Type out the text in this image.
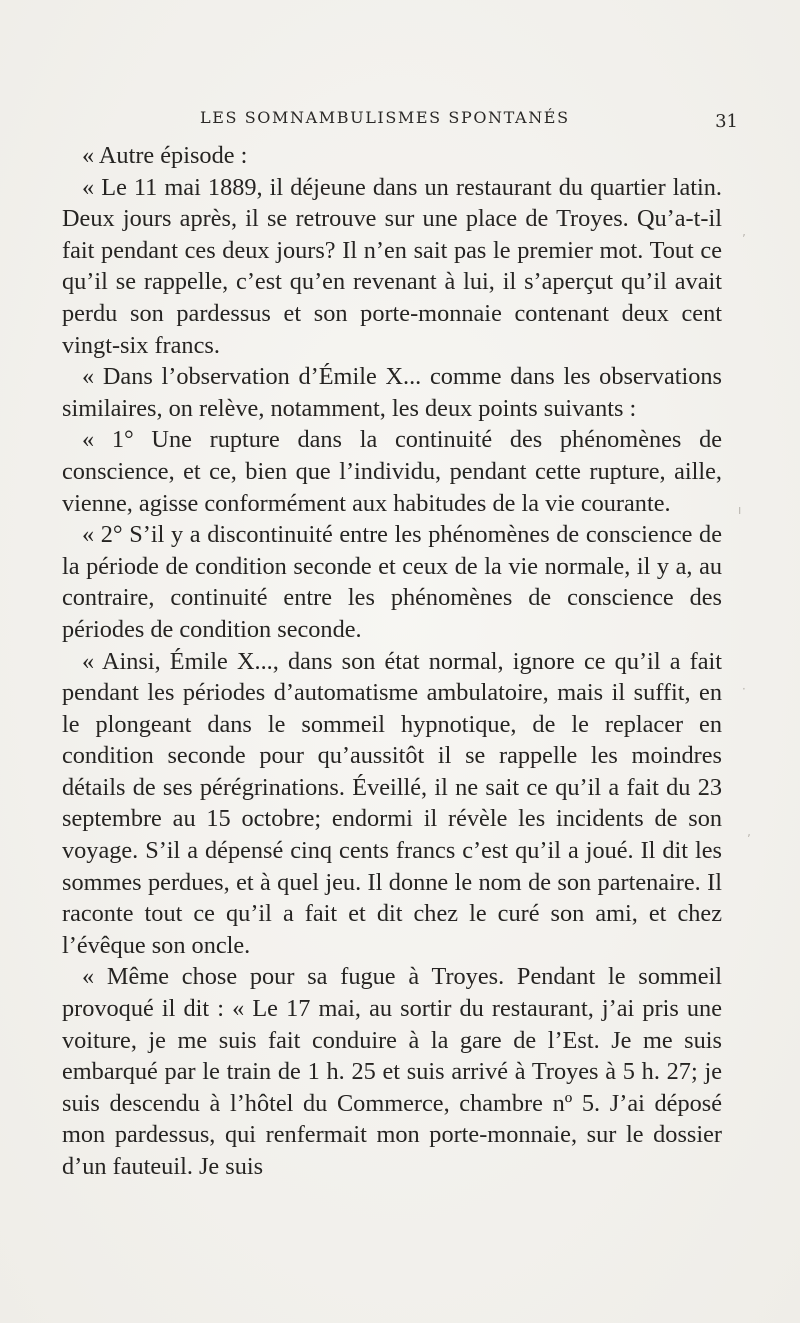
LES SOMNAMBULISMES SPONTANÉS	31

« Autre épisode :

« Le 11 mai 1889, il déjeune dans un restaurant du quartier latin. Deux jours après, il se retrouve sur une place de Troyes. Qu’a-t-il fait pendant ces deux jours? Il n’en sait pas le premier mot. Tout ce qu’il se rappelle, c’est qu’en revenant à lui, il s’aperçut qu’il avait perdu son pardessus et son porte-monnaie contenant deux cent vingt-six francs.

« Dans l’observation d’Émile X... comme dans les observations similaires, on relève, notamment, les deux points suivants :

« 1° Une rupture dans la continuité des phénomènes de conscience, et ce, bien que l’individu, pendant cette rupture, aille, vienne, agisse conformément aux habitudes de la vie courante.

« 2° S’il y a discontinuité entre les phénomènes de conscience de la période de condition seconde et ceux de la vie normale, il y a, au contraire, continuité entre les phénomènes de conscience des périodes de condition seconde.

« Ainsi, Émile X..., dans son état normal, ignore ce qu’il a fait pendant les périodes d’automatisme ambulatoire, mais il suffit, en le plongeant dans le sommeil hypnotique, de le replacer en condition seconde pour qu’aussitôt il se rappelle les moindres détails de ses pérégrinations. Éveillé, il ne sait ce qu’il a fait du 23 septembre au 15 octobre; endormi il révèle les incidents de son voyage. S’il a dépensé cinq cents francs c’est qu’il a joué. Il dit les sommes perdues, et à quel jeu. Il donne le nom de son partenaire. Il raconte tout ce qu’il a fait et dit chez le curé son ami, et chez l’évêque son oncle.

« Même chose pour sa fugue à Troyes. Pendant le sommeil provoqué il dit : « Le 17 mai, au sortir du restaurant, j’ai pris une voiture, je me suis fait conduire à la gare de l’Est. Je me suis embarqué par le train de 1 h. 25 et suis arrivé à Troyes à 5 h. 27; je suis descendu à l’hôtel du Commerce, chambre nº 5. J’ai déposé mon pardessus, qui renfermait mon porte-monnaie, sur le dossier d’un fauteuil. Je suis

’
ı
·
ʼ
